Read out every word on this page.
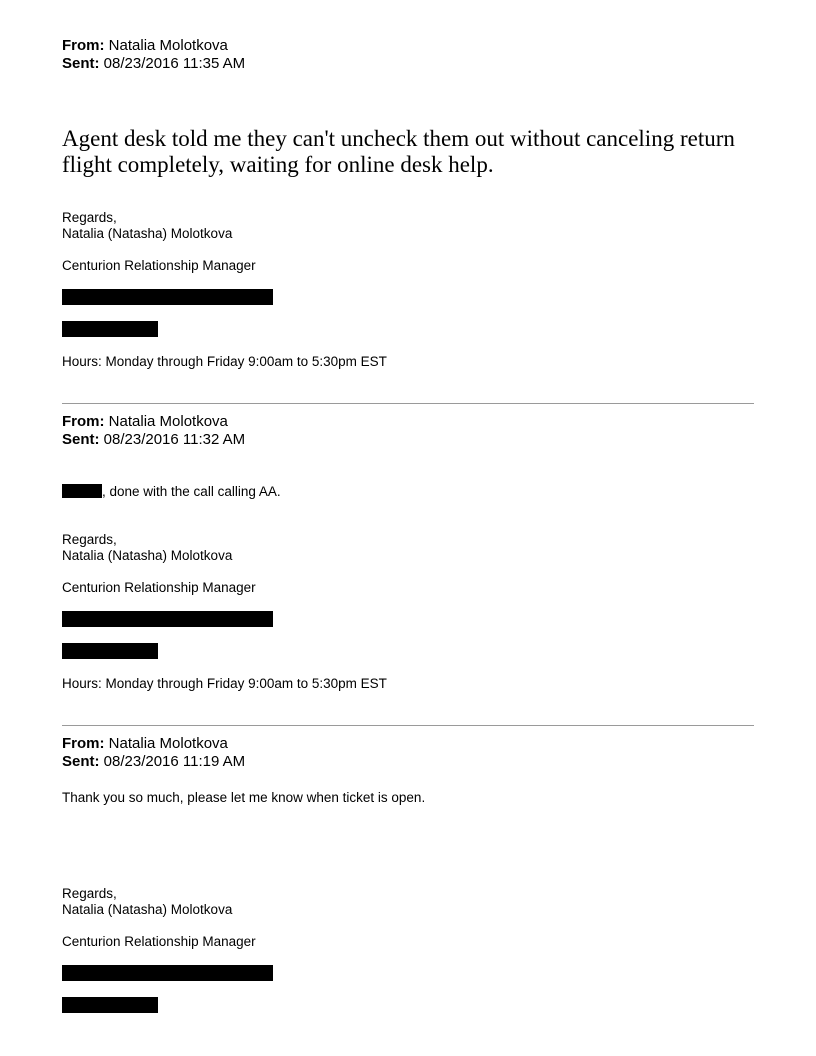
From: Natalia Molotkova
Sent: 08/23/2016 11:35 AM
Agent desk told me they can't uncheck them out without canceling return flight completely, waiting for online desk help.
Regards,
Natalia (Natasha) Molotkova
Centurion Relationship Manager
Hours: Monday through Friday 9:00am to 5:30pm EST
From: Natalia Molotkova
Sent: 08/23/2016 11:32 AM
, done with the call calling AA.
Regards,
Natalia (Natasha) Molotkova
Centurion Relationship Manager
Hours: Monday through Friday 9:00am to 5:30pm EST
From: Natalia Molotkova
Sent: 08/23/2016 11:19 AM
Thank you so much, please let me know when ticket is open.
Regards,
Natalia (Natasha) Molotkova
Centurion Relationship Manager
